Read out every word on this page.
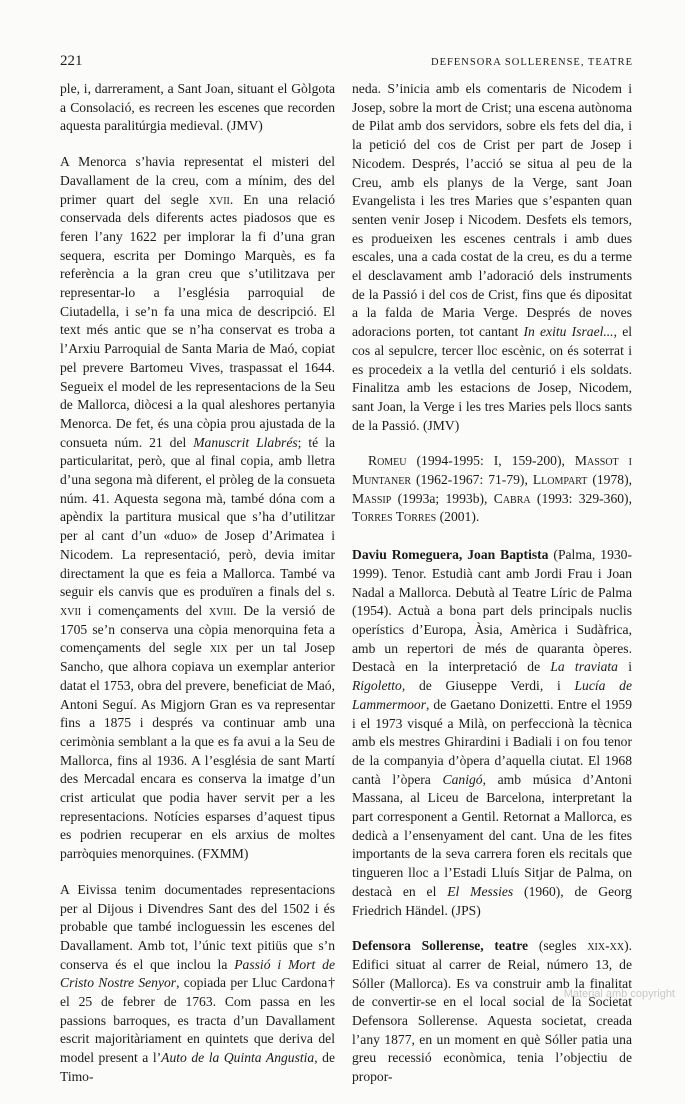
221	DEFENSORA SOLLERENSE, TEATRE

ple, i, darrerament, a Sant Joan, situant el Gòlgota a Consolació, es recreen les escenes que recorden aquesta paralitúrgia medieval. (JMV)

A Menorca s’havia representat el misteri del Davallament de la creu, com a mínim, des del primer quart del segle xvii. En una relació conservada dels diferents actes piadosos que es feren l’any 1622 per implorar la fi d’una gran sequera, escrita per Domingo Marquès, es fa referència a la gran creu que s’utilitzava per representar-lo a l’església parroquial de Ciutadella, i se’n fa una mica de descripció. El text més antic que se n’ha conservat es troba a l’Arxiu Parroquial de Santa Maria de Maó, copiat pel prevere Bartomeu Vives, traspassat el 1644. Segueix el model de les representacions de la Seu de Mallorca, diòcesi a la qual aleshores pertanyia Menorca. De fet, és una còpia prou ajustada de la consueta núm. 21 del Manuscrit Llabrés; té la particularitat, però, que al final copia, amb lletra d’una segona mà diferent, el pròleg de la consueta núm. 41. Aquesta segona mà, també dóna com a apèndix la partitura musical que s’ha d’utilitzar per al cant d’un «duo» de Josep d’Arimatea i Nicodem. La representació, però, devia imitar directament la que es feia a Mallorca. També va seguir els canvis que es produïren a finals del s. xvii i començaments del xviii. De la versió de 1705 se’n conserva una còpia menorquina feta a començaments del segle xix per un tal Josep Sancho, que alhora copiava un exemplar anterior datat el 1753, obra del prevere, beneficiat de Maó, Antoni Seguí. As Migjorn Gran es va representar fins a 1875 i després va continuar amb una cerimònia semblant a la que es fa avui a la Seu de Mallorca, fins al 1936. A l’església de sant Martí des Mercadal encara es conserva la imatge d’un crist articulat que podia haver servit per a les representacions. Notícies esparses d’aquest tipus es podrien recuperar en els arxius de moltes parròquies menorquines. (FXMM)

A Eivissa tenim documentades representacions per al Dijous i Divendres Sant des del 1502 i és probable que també incloguessin les escenes del Davallament. Amb tot, l’únic text pitiüs que s’n conserva és el que inclou la Passió i Mort de Cristo Nostre Senyor, copiada per Lluc Cardona† el 25 de febrer de 1763. Com passa en les passions barroques, es tracta d’un Davallament escrit majoritàriament en quintets que deriva del model present a l’Auto de la Quinta Angustia, de Timo-

neda. S’inicia amb els comentaris de Nicodem i Josep, sobre la mort de Crist; una escena autònoma de Pilat amb dos servidors, sobre els fets del dia, i la petició del cos de Crist per part de Josep i Nicodem. Després, l’acció se situa al peu de la Creu, amb els planys de la Verge, sant Joan Evangelista i les tres Maries que s’espanten quan senten venir Josep i Nicodem. Desfets els temors, es produeixen les escenes centrals i amb dues escales, una a cada costat de la creu, es du a terme el desclavament amb l’adoració dels instruments de la Passió i del cos de Crist, fins que és dipositat a la falda de Maria Verge. Després de noves adoracions porten, tot cantant In exitu Israel..., el cos al sepulcre, tercer lloc escènic, on és soterrat i es procedeix a la vetlla del centurió i els soldats. Finalitza amb les estacions de Josep, Nicodem, sant Joan, la Verge i les tres Maries pels llocs sants de la Passió. (JMV)

Romeu (1994-1995: I, 159-200), Massot i Muntaner (1962-1967: 71-79), Llompart (1978), Massip (1993a; 1993b), Cabra (1993: 329-360), Torres Torres (2001).

Daviu Romeguera, Joan Baptista (Palma, 1930-1999). Tenor. Estudià cant amb Jordi Frau i Joan Nadal a Mallorca. Debutà al Teatre Líric de Palma (1954). Actuà a bona part dels principals nuclis operístics d’Europa, Àsia, Amèrica i Sudàfrica, amb un repertori de més de quaranta òperes. Destacà en la interpretació de La traviata i Rigoletto, de Giuseppe Verdi, i Lucía de Lammermoor, de Gaetano Donizetti. Entre el 1959 i el 1973 visqué a Milà, on perfeccionà la tècnica amb els mestres Ghirardini i Badiali i on fou tenor de la companyia d’òpera d’aquella ciutat. El 1968 cantà l’òpera Canigó, amb música d’Antoni Massana, al Liceu de Barcelona, interpretant la part corresponent a Gentil. Retornat a Mallorca, es dedicà a l’ensenyament del cant. Una de les fites importants de la seva carrera foren els recitals que tingueren lloc a l’Estadi Lluís Sitjar de Palma, on destacà en el El Messies (1960), de Georg Friedrich Händel. (JPS)

Defensora Sollerense, teatre (segles xix-xx). Edifici situat al carrer de Reial, número 13, de Sóller (Mallorca). Es va construir amb la finalitat de convertir-se en el local social de la Societat Defensora Sollerense. Aquesta societat, creada l’any 1877, en un moment en què Sóller patia una greu recessió econòmica, tenia l’objectiu de propor-

Material amb copyright
